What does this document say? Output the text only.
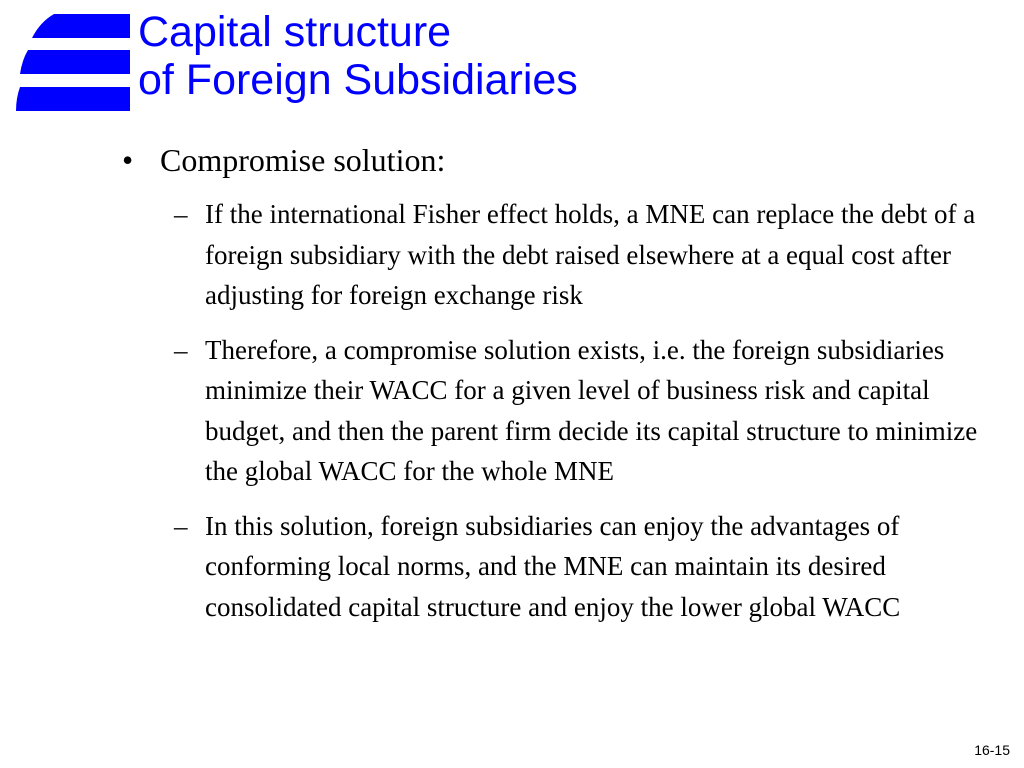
Capital structure
of Foreign Subsidiaries
• Compromise solution:
– If the international Fisher effect holds, a MNE can replace the debt of a foreign subsidiary with the debt raised elsewhere at a equal cost after adjusting for foreign exchange risk
– Therefore, a compromise solution exists, i.e. the foreign subsidiaries minimize their WACC for a given level of business risk and capital budget, and then the parent firm decide its capital structure to minimize the global WACC for the whole MNE
– In this solution, foreign subsidiaries can enjoy the advantages of conforming local norms, and the MNE can maintain its desired consolidated capital structure and enjoy the lower global WACC
16-15
